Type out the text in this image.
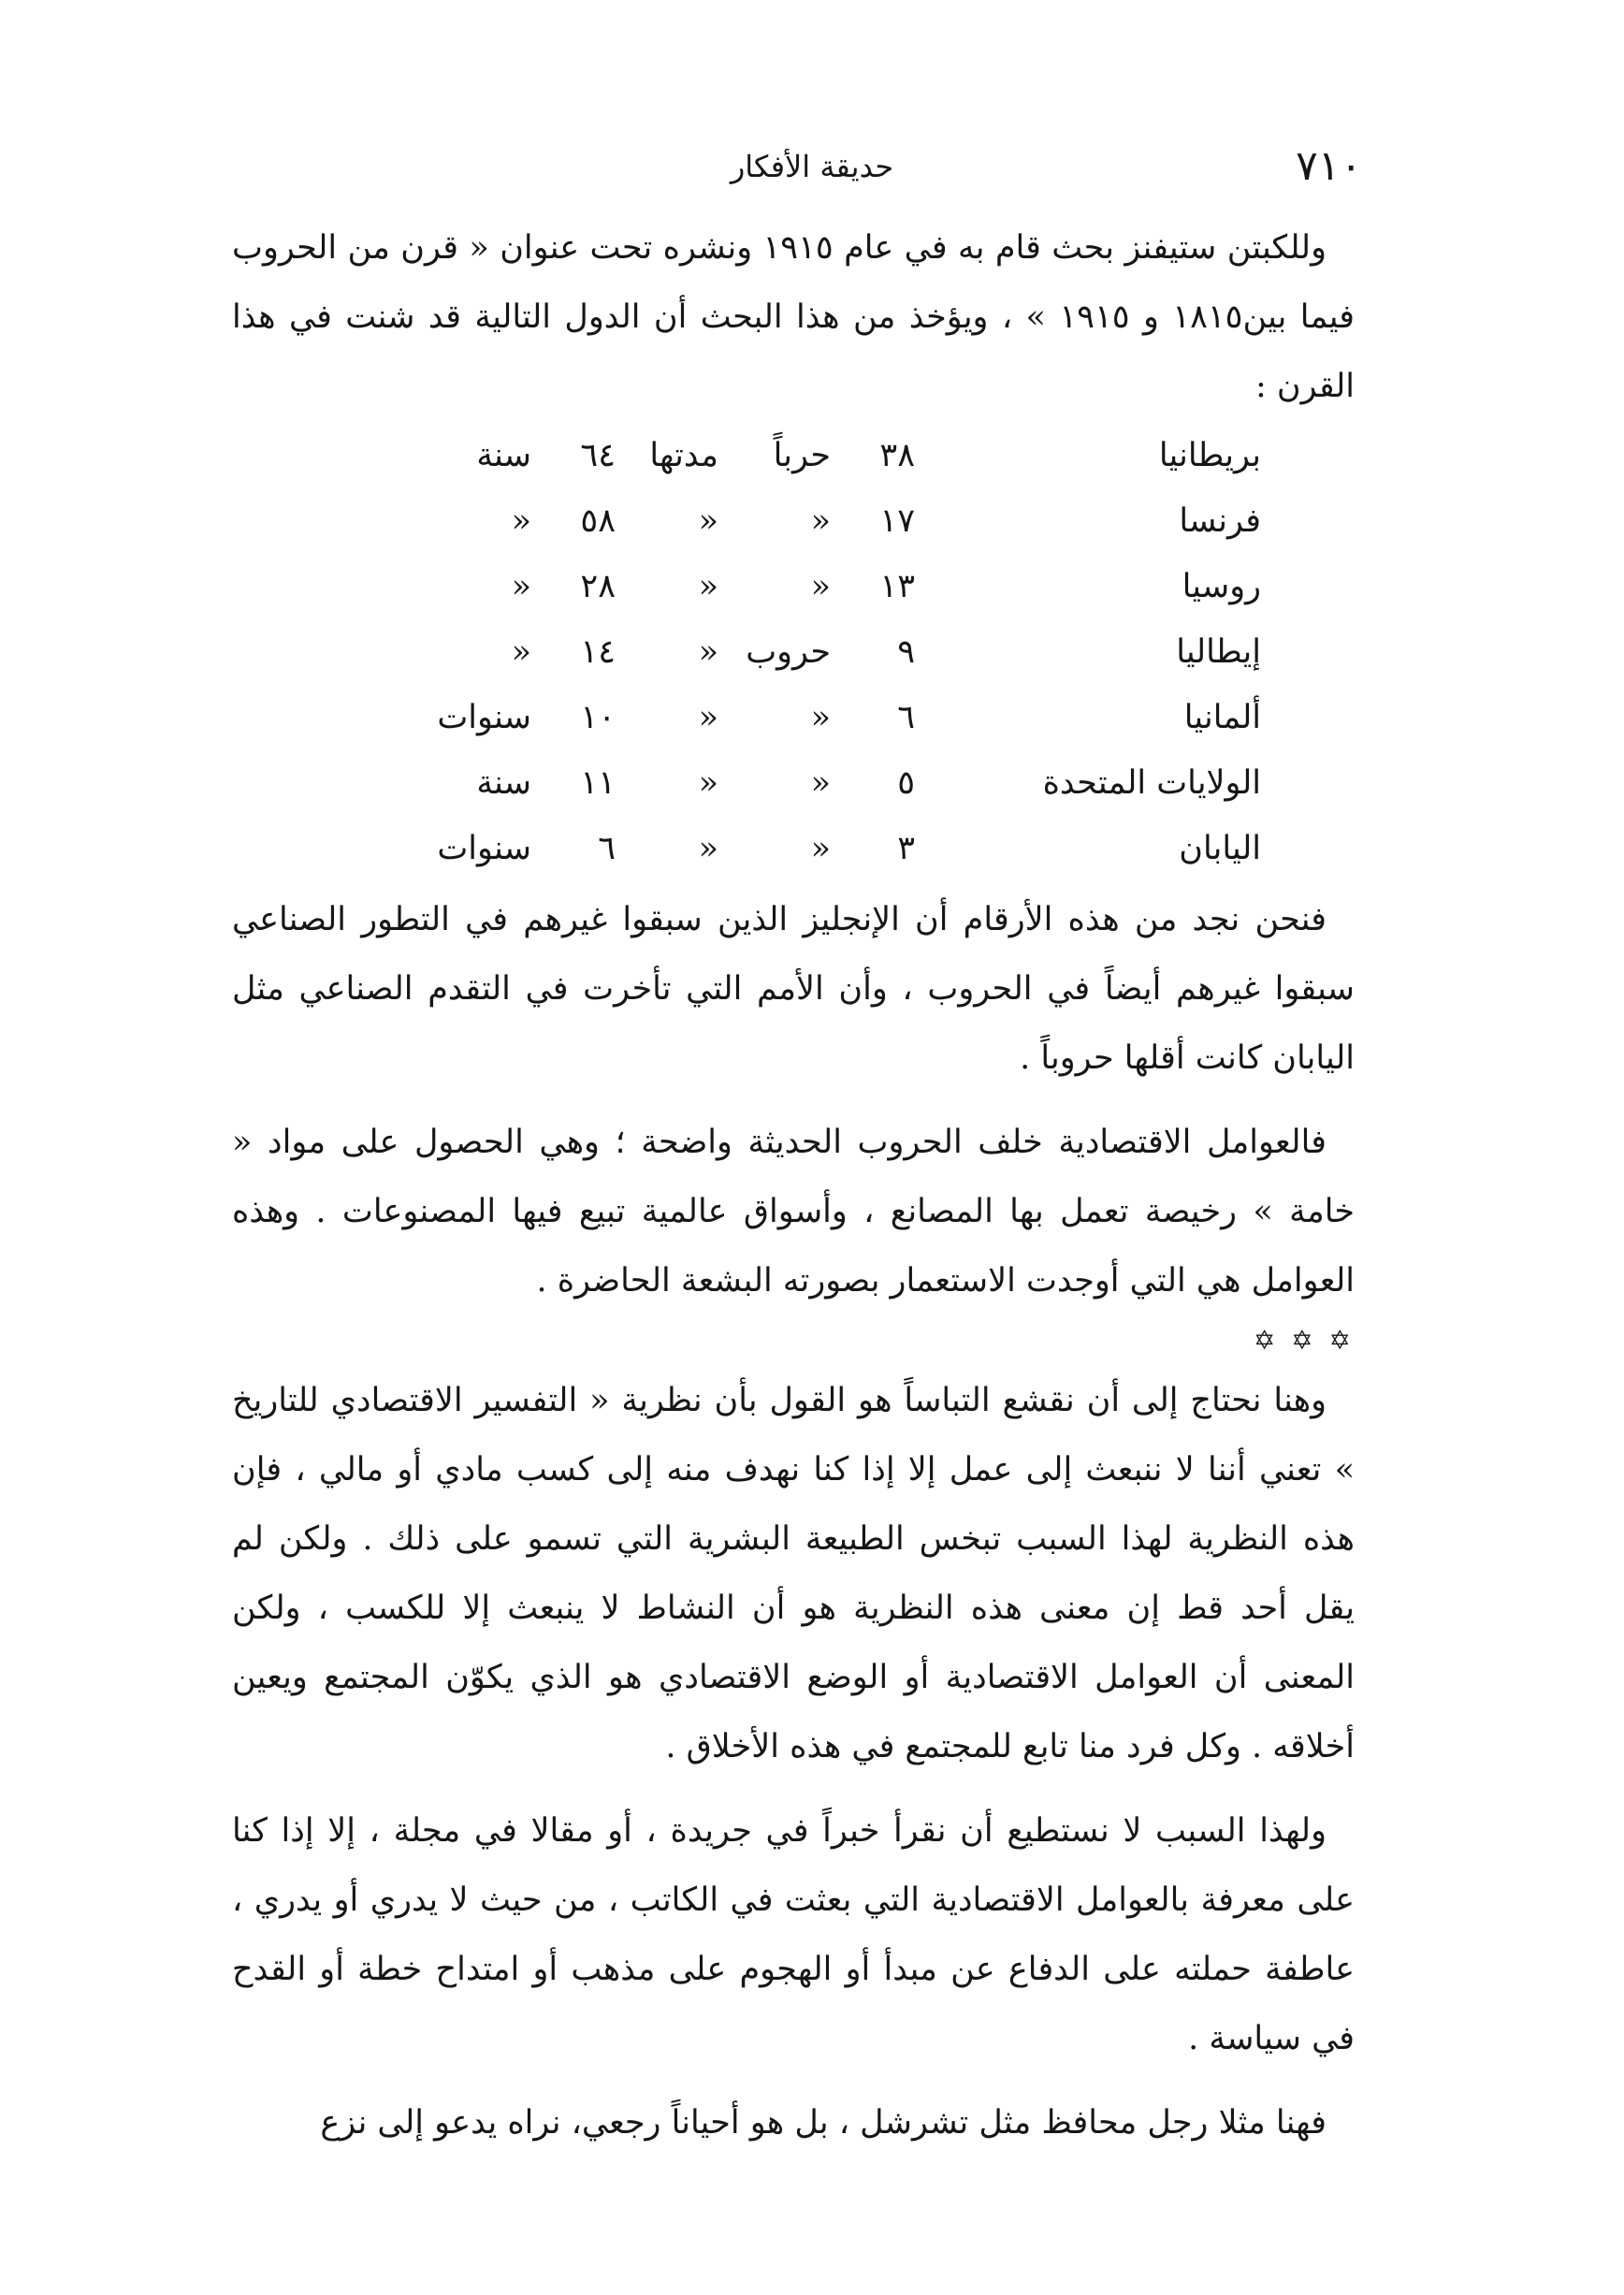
٧١٠
حديقة الأفكار

وللكبتن ستيفنز بحث قام به في عام ١٩١٥ ونشره تحت عنوان « قرن من الحروب فيما بين١٨١٥ و ١٩١٥ » ، ويؤخذ من هذا البحث أن الدول التالية قد شنت في هذا القرن :

بريطانيا
٣٨
حرباً
مدتها
٦٤
سنة
فرنسا
١٧
«
«
٥٨
«
روسيا
١٣
«
«
٢٨
«
إيطاليا
٩
حروب
«
١٤
«
ألمانيا
٦
«
«
١٠
سنوات
الولايات المتحدة
٥
«
«
١١
سنة
اليابان
٣
«
«
٦
سنوات

فنحن نجد من هذه الأرقام أن الإنجليز الذين سبقوا غيرهم في التطور الصناعي سبقوا غيرهم أيضاً في الحروب ، وأن الأمم التي تأخرت في التقدم الصناعي مثل اليابان كانت أقلها حروباً .

فالعوامل الاقتصادية خلف الحروب الحديثة واضحة ؛ وهي الحصول على مواد « خامة » رخيصة تعمل بها المصانع ، وأسواق عالمية تبيع فيها المصنوعات . وهذه العوامل هي التي أوجدت الاستعمار بصورته البشعة الحاضرة .

✡ ✡ ✡

وهنا نحتاج إلى أن نقشع التباساً هو القول بأن نظرية « التفسير الاقتصادي للتاريخ » تعني أننا لا ننبعث إلى عمل إلا إذا كنا نهدف منه إلى كسب مادي أو مالي ، فإن هذه النظرية لهذا السبب تبخس الطبيعة البشرية التي تسمو على ذلك . ولكن لم يقل أحد قط إن معنى هذه النظرية هو أن النشاط لا ينبعث إلا للكسب ، ولكن المعنى أن العوامل الاقتصادية أو الوضع الاقتصادي هو الذي يكوّن المجتمع ويعين أخلاقه . وكل فرد منا تابع للمجتمع في هذه الأخلاق .

ولهذا السبب لا نستطيع أن نقرأ خبراً في جريدة ، أو مقالا في مجلة ، إلا إذا كنا على معرفة بالعوامل الاقتصادية التي بعثت في الكاتب ، من حيث لا يدري أو يدري ، عاطفة حملته على الدفاع عن مبدأ أو الهجوم على مذهب أو امتداح خطة أو القدح في سياسة .

فهنا مثلا رجل محافظ مثل تشرشل ، بل هو أحياناً رجعي، نراه يدعو إلى نزع
